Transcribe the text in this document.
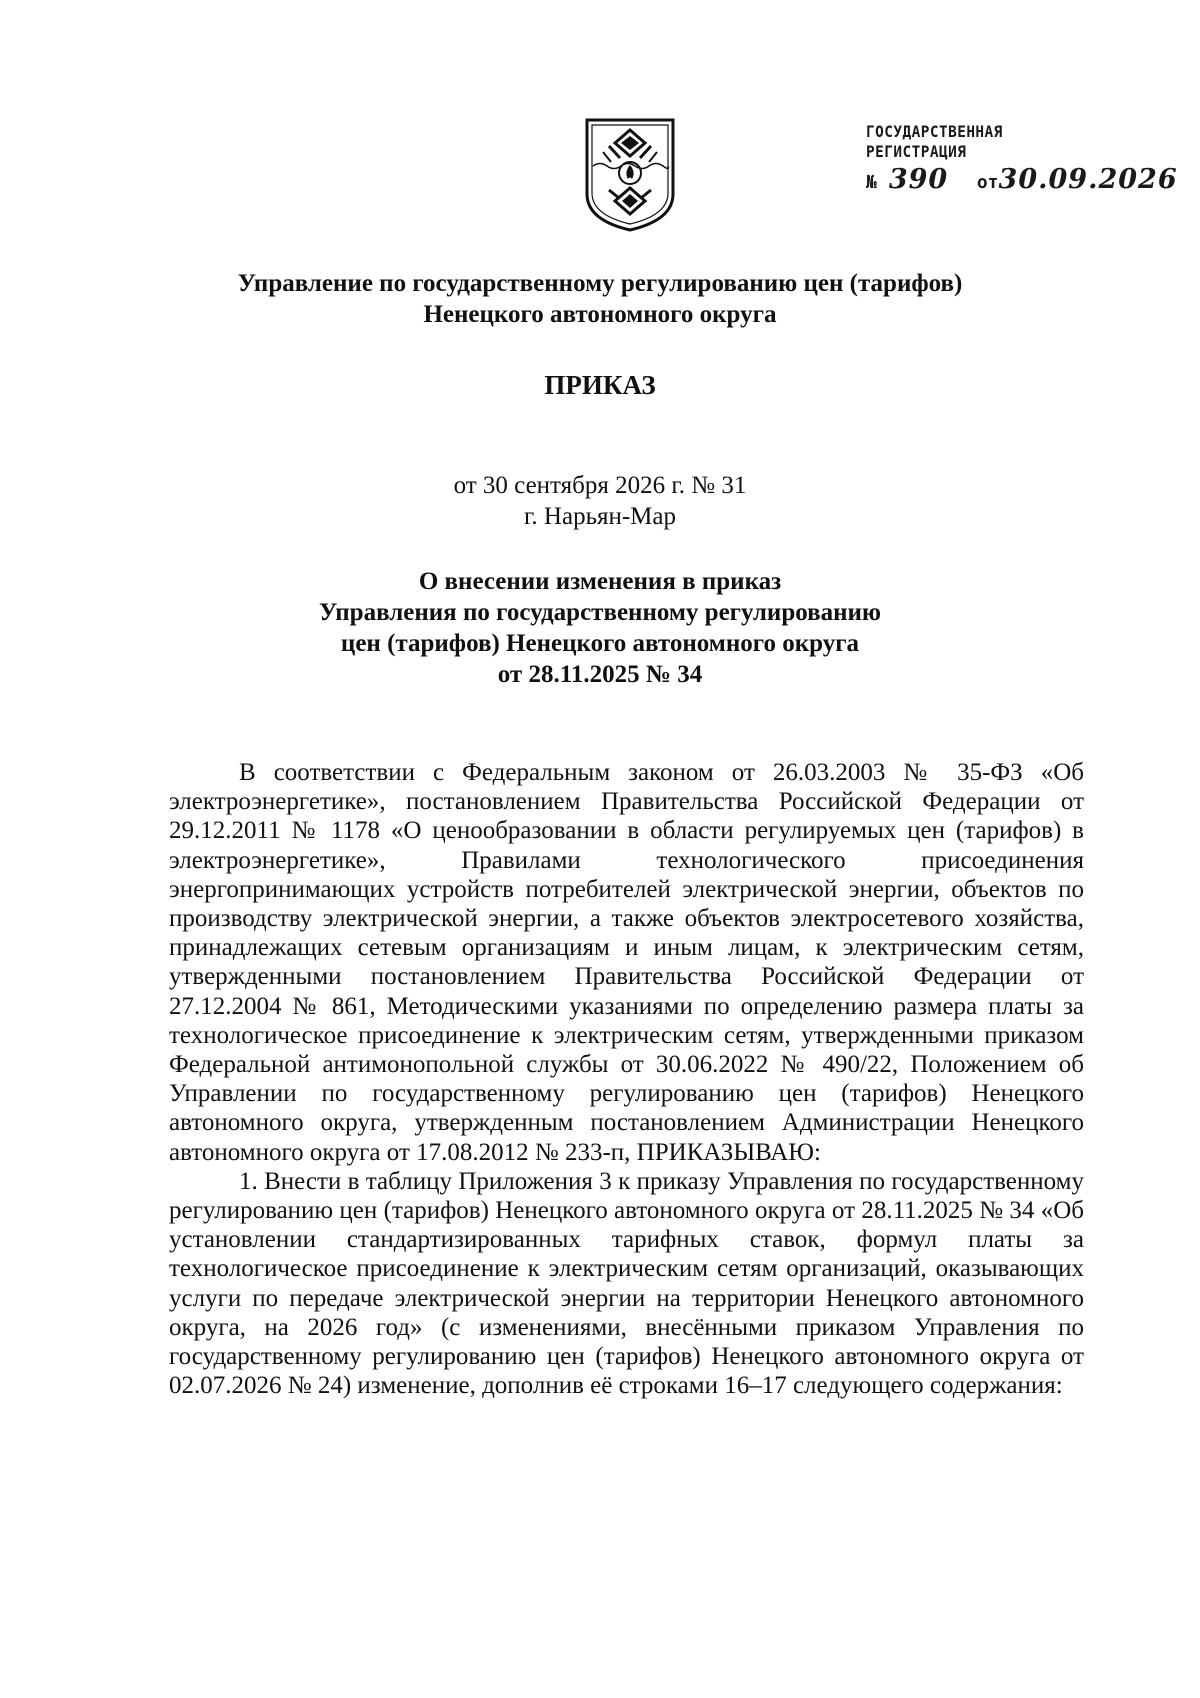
ГОСУДАРСТВЕННАЯ
РЕГИСТРАЦИЯ
№ 390 от30.09.2026
Управление по государственному регулированию цен (тарифов)
Ненецкого автономного округа
ПРИКАЗ
от 30 сентября 2026 г. № 31
г. Нарьян-Мар
О внесении изменения в приказ
Управления по государственному регулированию
цен (тарифов) Ненецкого автономного округа
от 28.11.2025 № 34

В соответствии с Федеральным законом от 26.03.2003 № 35-ФЗ «Об электроэнергетике», постановлением Правительства Российской Федерации от 29.12.2011 № 1178 «О ценообразовании в области регулируемых цен (тарифов) в электроэнергетике», Правилами технологического присоединения энергопринимающих устройств потребителей электрической энергии, объектов по производству электрической энергии, а также объектов электросетевого хозяйства, принадлежащих сетевым организациям и иным лицам, к электрическим сетям, утвержденными постановлением Правительства Российской Федерации от 27.12.2004 № 861, Методическими указаниями по определению размера платы за технологическое присоединение к электрическим сетям, утвержденными приказом Федеральной антимонопольной службы от 30.06.2022 № 490/22, Положением об Управлении по государственному регулированию цен (тарифов) Ненецкого автономного округа, утвержденным постановлением Администрации Ненецкого автономного округа от 17.08.2012 № 233-п, ПРИКАЗЫВАЮ:

1. Внести в таблицу Приложения 3 к приказу Управления по государственному регулированию цен (тарифов) Ненецкого автономного округа от 28.11.2025 № 34 «Об установлении стандартизированных тарифных ставок, формул платы за технологическое присоединение к электрическим сетям организаций, оказывающих услуги по передаче электрической энергии на территории Ненецкого автономного округа, на 2026 год» (с изменениями, внесёнными приказом Управления по государственному регулированию цен (тарифов) Ненецкого автономного округа от 02.07.2026 № 24) изменение, дополнив её строками 16–17 следующего содержания:
